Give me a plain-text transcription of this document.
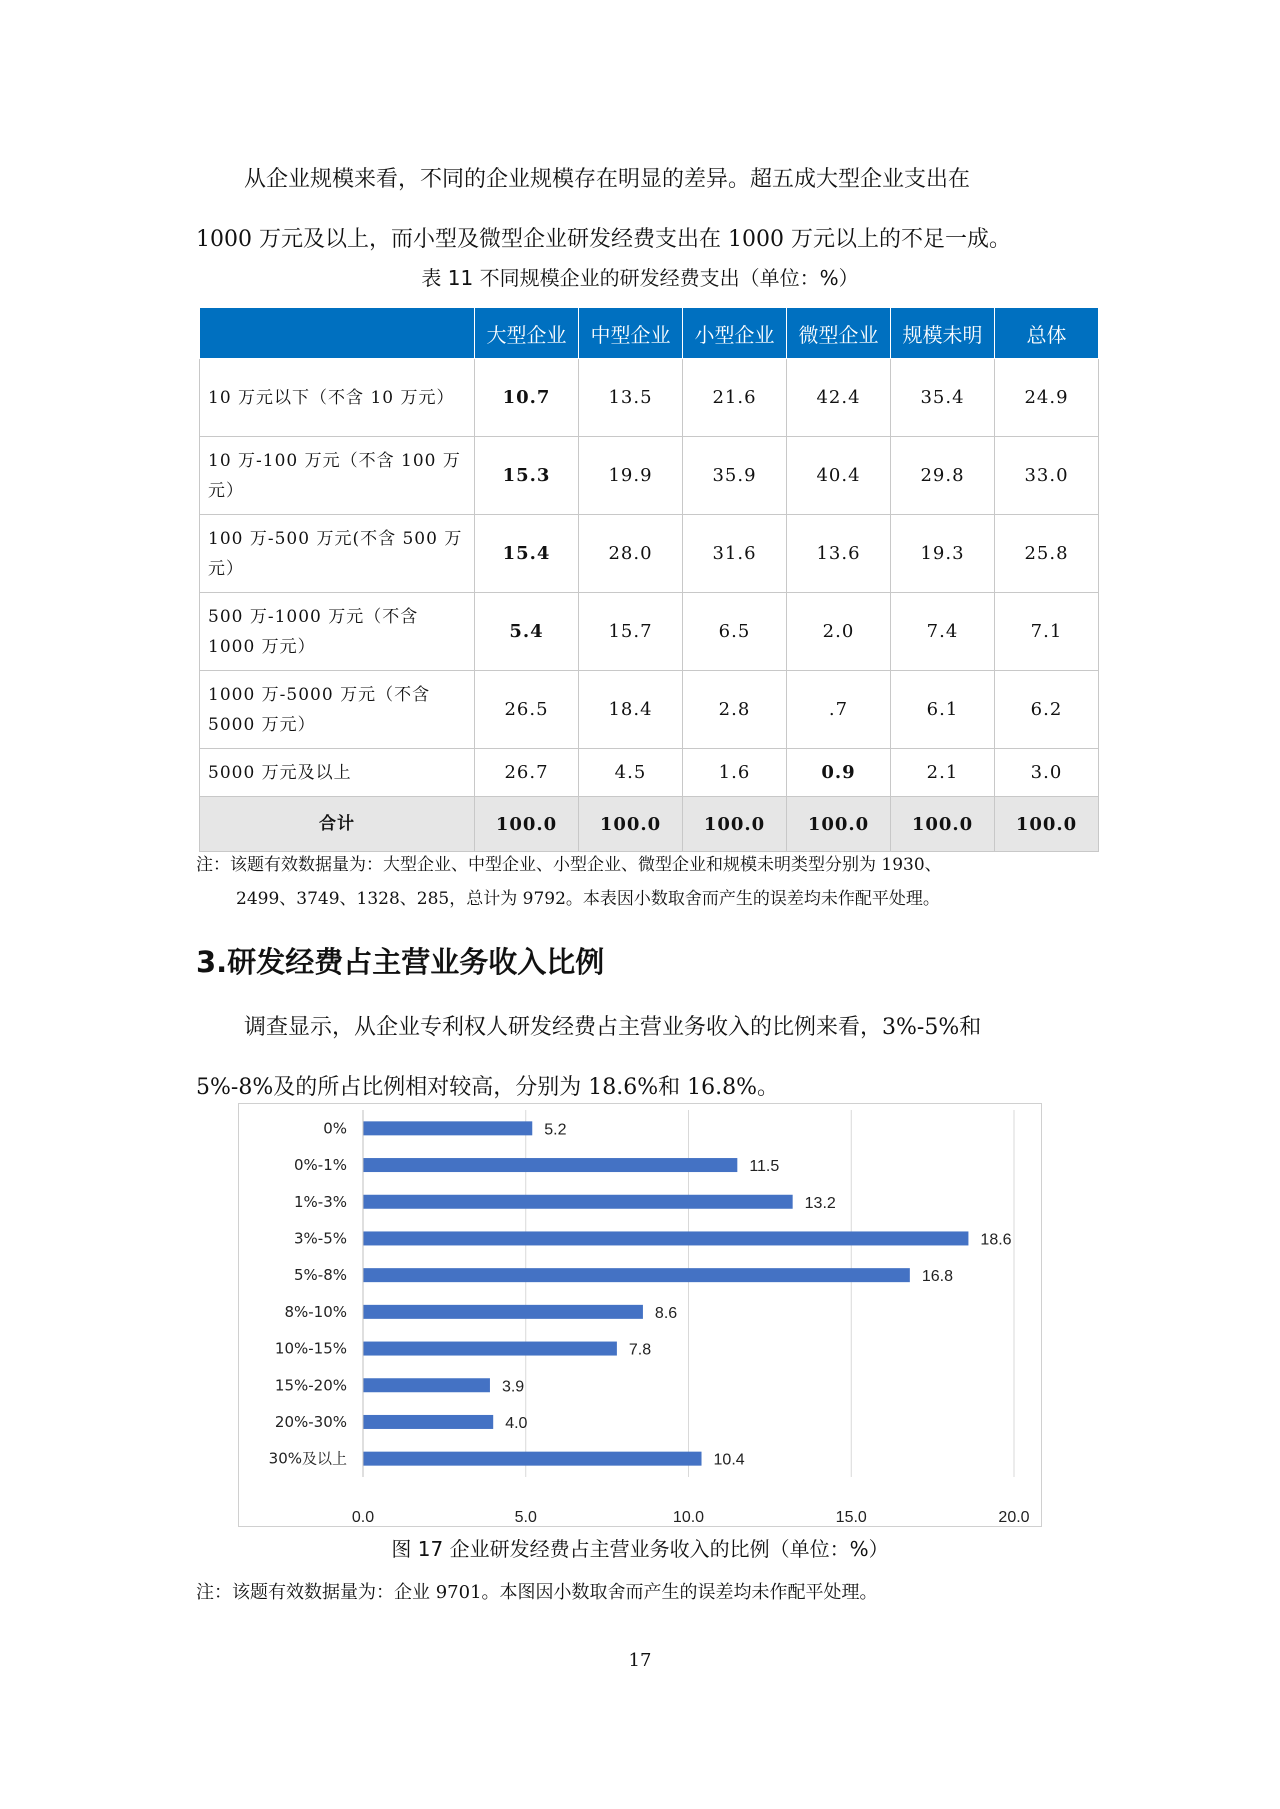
从企业规模来看，不同的企业规模存在明显的差异。超五成大型企业支出在
1000 万元及以上，而小型及微型企业研发经费支出在 1000 万元以上的不足一成。
表 11 不同规模企业的研发经费支出（单位：%）
	大型企业	中型企业	小型企业	微型企业	规模未明	总体
10 万元以下（不含 10 万元）	10.7	13.5	21.6	42.4	35.4	24.9
10 万-100 万元（不含 100 万元）	15.3	19.9	35.9	40.4	29.8	33.0
100 万-500 万元(不含 500 万元）	15.4	28.0	31.6	13.6	19.3	25.8
500 万-1000 万元（不含 1000 万元）	5.4	15.7	6.5	2.0	7.4	7.1
1000 万-5000 万元（不含 5000 万元）	26.5	18.4	2.8	.7	6.1	6.2
5000 万元及以上	26.7	4.5	1.6	0.9	2.1	3.0
合计	100.0	100.0	100.0	100.0	100.0	100.0
注：该题有效数据量为：大型企业、中型企业、小型企业、微型企业和规模未明类型分别为 1930、
2499、3749、1328、285，总计为 9792。本表因小数取舍而产生的误差均未作配平处理。
3.研发经费占主营业务收入比例
调查显示，从企业专利权人研发经费占主营业务收入的比例来看，3%-5%和
5%-8%及的所占比例相对较高，分别为 18.6%和 16.8%。
0.0	5.0	10.0	15.0	20.0
0%	5.2
0%-1%	11.5
1%-3%	13.2
3%-5%	18.6
5%-8%	16.8
8%-10%	8.6
10%-15%	7.8
15%-20%	3.9
20%-30%	4.0
30%及以上	10.4
图 17 企业研发经费占主营业务收入的比例（单位：%）
注：该题有效数据量为：企业 9701。本图因小数取舍而产生的误差均未作配平处理。
17
